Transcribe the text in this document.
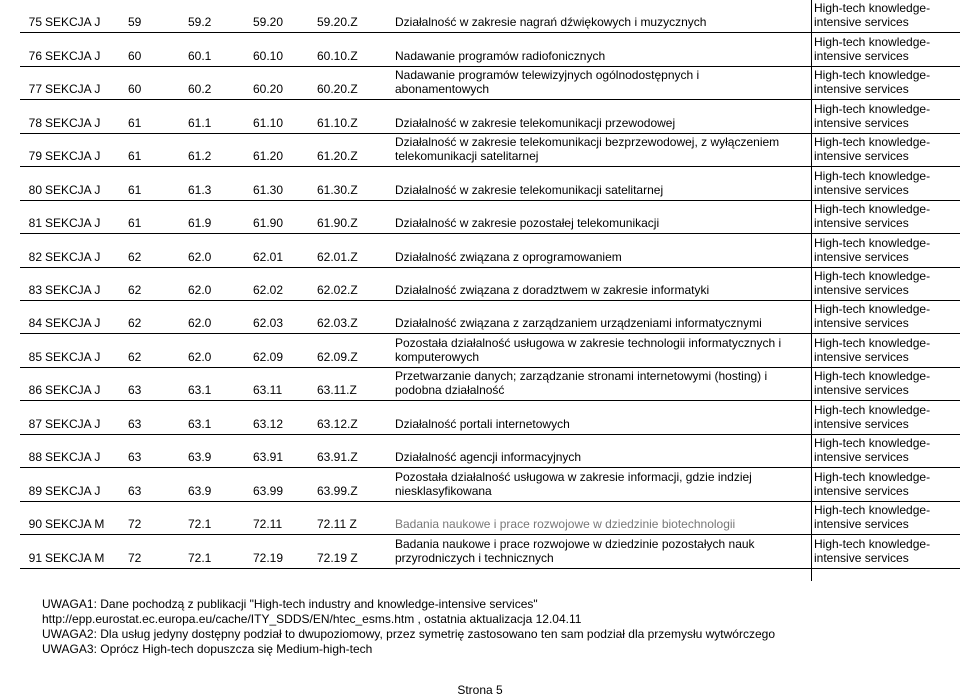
75 SEKCJA J	59	59.2	59.20	59.20.Z	Działalność w zakresie nagrań dźwiękowych i muzycznych
High-tech knowledge-
intensive services
76 SEKCJA J	60	60.1	60.10	60.10.Z	Nadawanie programów radiofonicznych
High-tech knowledge-
intensive services
77 SEKCJA J	60	60.2	60.20	60.20.Z
Nadawanie programów telewizyjnych ogólnodostępnych i
abonamentowych
High-tech knowledge-
intensive services
78 SEKCJA J	61	61.1	61.10	61.10.Z	Działalność w zakresie telekomunikacji przewodowej
High-tech knowledge-
intensive services
79 SEKCJA J	61	61.2	61.20	61.20.Z
Działalność w zakresie telekomunikacji bezprzewodowej, z wyłączeniem
telekomunikacji satelitarnej
High-tech knowledge-
intensive services
80 SEKCJA J	61	61.3	61.30	61.30.Z	Działalność w zakresie telekomunikacji satelitarnej
High-tech knowledge-
intensive services
81 SEKCJA J	61	61.9	61.90	61.90.Z	Działalność w zakresie pozostałej telekomunikacji
High-tech knowledge-
intensive services
82 SEKCJA J	62	62.0	62.01	62.01.Z	Działalność związana z oprogramowaniem
High-tech knowledge-
intensive services
83 SEKCJA J	62	62.0	62.02	62.02.Z	Działalność związana z doradztwem w zakresie informatyki
High-tech knowledge-
intensive services
84 SEKCJA J	62	62.0	62.03	62.03.Z	Działalność związana z zarządzaniem urządzeniami informatycznymi
High-tech knowledge-
intensive services
85 SEKCJA J	62	62.0	62.09	62.09.Z
Pozostała działalność usługowa w zakresie technologii informatycznych i
komputerowych
High-tech knowledge-
intensive services
86 SEKCJA J	63	63.1	63.11	63.11.Z
Przetwarzanie danych; zarządzanie stronami internetowymi (hosting) i
podobna działalność
High-tech knowledge-
intensive services
87 SEKCJA J	63	63.1	63.12	63.12.Z	Działalność portali internetowych
High-tech knowledge-
intensive services
88 SEKCJA J	63	63.9	63.91	63.91.Z	Działalność agencji informacyjnych
High-tech knowledge-
intensive services
89 SEKCJA J	63	63.9	63.99	63.99.Z
Pozostała działalność usługowa w zakresie informacji, gdzie indziej
niesklasyfikowana
High-tech knowledge-
intensive services
90 SEKCJA M	72	72.1	72.11	72.11 Z	Badania naukowe i prace rozwojowe w dziedzinie biotechnologii
High-tech knowledge-
intensive services
91 SEKCJA M	72	72.1	72.19	72.19 Z
Badania naukowe i prace rozwojowe w dziedzinie pozostałych nauk
przyrodniczych i technicznych
High-tech knowledge-
intensive services
UWAGA1: Dane pochodzą z publikacji "High-tech industry and knowledge-intensive services"
http://epp.eurostat.ec.europa.eu/cache/ITY_SDDS/EN/htec_esms.htm , ostatnia aktualizacja 12.04.11
UWAGA2: Dla usług jedyny dostępny podział to dwupoziomowy, przez symetrię zastosowano ten sam podział dla przemysłu wytwórczego
UWAGA3: Oprócz High-tech dopuszcza się Medium-high-tech
Strona 5
